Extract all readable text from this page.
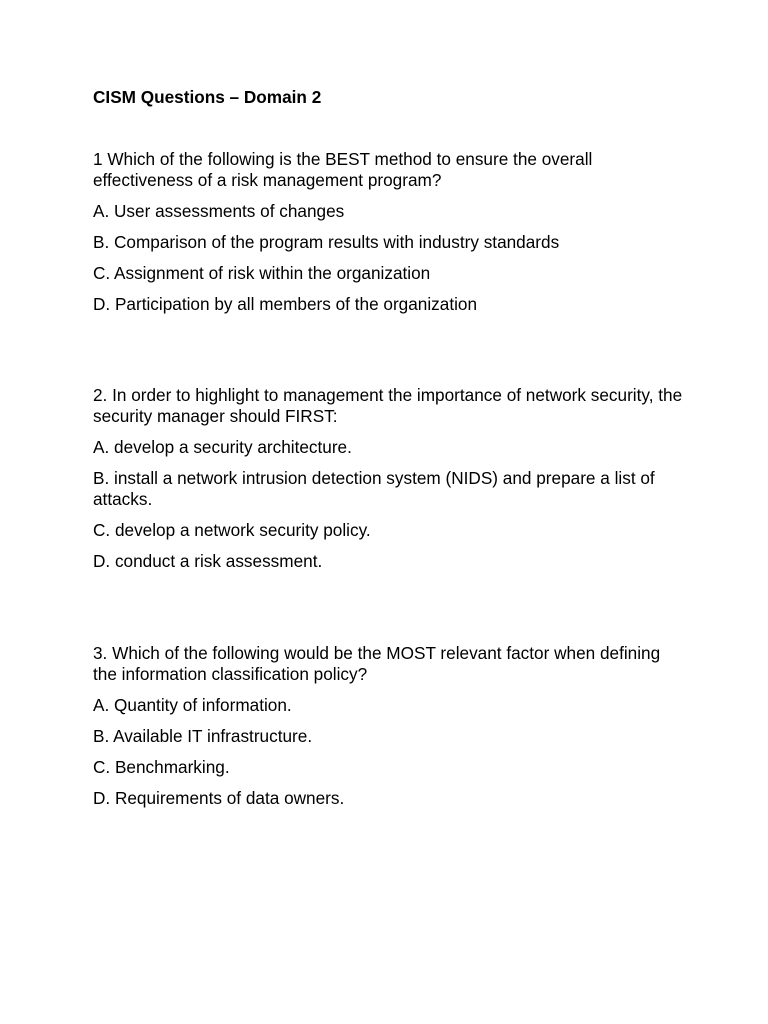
CISM Questions – Domain 2
1 Which of the following is the BEST method to ensure the overall effectiveness of a risk management program?
A. User assessments of changes
B. Comparison of the program results with industry standards
C. Assignment of risk within the organization
D. Participation by all members of the organization
2. In order to highlight to management the importance of network security, the security manager should FIRST:
A. develop a security architecture.
B. install a network intrusion detection system (NIDS) and prepare a list of attacks.
C. develop a network security policy.
D. conduct a risk assessment.
3. Which of the following would be the MOST relevant factor when defining the information classification policy?
A. Quantity of information.
B. Available IT infrastructure.
C. Benchmarking.
D. Requirements of data owners.
